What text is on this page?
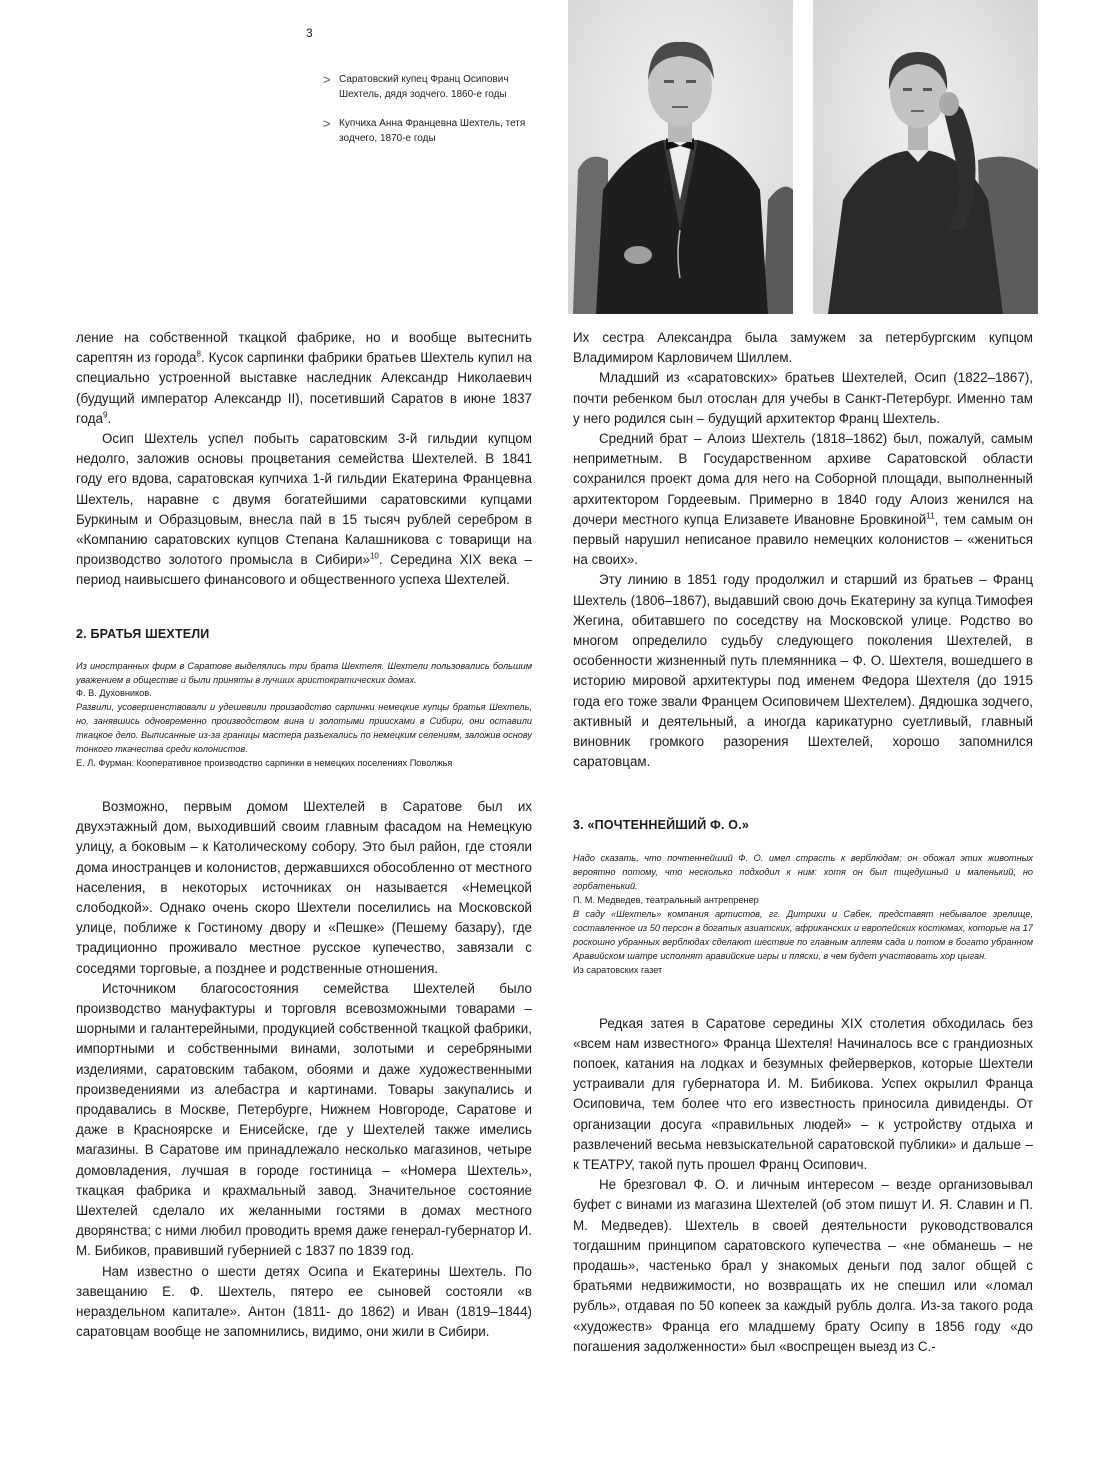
3
> Саратовский купец Франц Осипович Шехтель, дядя зодчего. 1860-е годы
> Купчиха Анна Францевна Шехтель, тетя зодчего, 1870-е годы

ление на собственной ткацкой фабрике, но и вообще вытеснить сарептян из города$^8$. Кусок сарпинки фабрики братьев Шехтель купил на специально устроенной выставке наследник Александр Николаевич (будущий император Александр II), посетивший Саратов в июне 1837 года$^9$.

Осип Шехтель успел побыть саратовским 3-й гильдии купцом недолго, заложив основы процветания семейства Шехтелей. В 1841 году его вдова, саратовская купчиха 1-й гильдии Екатерина Францевна Шехтель, наравне с двумя богатейшими саратовскими купцами Буркиным и Образцовым, внесла пай в 15 тысяч рублей серебром в «Компанию саратовских купцов Степана Калашникова с товарищи на производство золотого промысла в Сибири»$^{10}$. Середина XIX века – период наивысшего финансового и общественного успеха Шехтелей.

2. БРАТЬЯ ШЕХТЕЛИ

Из иностранных фирм в Саратове выделялись три брата Шехтеля. Шехтели пользовались большим уважением в обществе и были приняты в лучших аристократических домах.

Ф. В. Духовников.

Развили, усовершенствовали и удешевили производство сарпинки немецкие купцы братья Шехтель, но, занявшись одновременно производством вина и золотыми приисками в Сибири, они оставили ткацкое дело. Выписанные из-за границы мастера разъехались по немецким селениям, заложив основу тонкого ткачества среди колонистов.

Е. Л. Фурман. Кооперативное производство сарпинки в немецких поселениях Поволжья

Возможно, первым домом Шехтелей в Саратове был их двухэтажный дом, выходивший своим главным фасадом на Немецкую улицу, а боковым – к Католическому собору. Это был район, где стояли дома иностранцев и колонистов, державшихся обособленно от местного населения, в некоторых источниках он называется «Немецкой слободкой». Однако очень скоро Шехтели поселились на Московской улице, поближе к Гостиному двору и «Пешке» (Пешему базару), где традиционно проживало местное русское купечество, завязали с соседями торговые, а позднее и родственные отношения.

Источником благосостояния семейства Шехтелей было производство мануфактуры и торговля всевозможными товарами – шорными и галантерейными, продукцией собственной ткацкой фабрики, импортными и собственными винами, золотыми и серебряными изделиями, саратовским табаком, обоями и даже художественными произведениями из алебастра и картинами. Товары закупались и продавались в Москве, Петербурге, Нижнем Новгороде, Саратове и даже в Красноярске и Енисейске, где у Шехтелей также имелись магазины. В Саратове им принадлежало несколько магазинов, четыре домовладения, лучшая в городе гостиница – «Номера Шехтель», ткацкая фабрика и крахмальный завод. Значительное состояние Шехтелей сделало их желанными гостями в домах местного дворянства; с ними любил проводить время даже генерал-губернатор И. М. Бибиков, правивший губернией с 1837 по 1839 год.

Нам известно о шести детях Осипа и Екатерины Шехтель. По завещанию Е. Ф. Шехтель, пятеро ее сыновей состояли «в нераздельном капитале». Антон (1811- до 1862) и Иван (1819–1844) саратовцам вообще не запомнились, видимо, они жили в Сибири.

Их сестра Александра была замужем за петербургским купцом Владимиром Карловичем Шиллем.

Младший из «саратовских» братьев Шехтелей, Осип (1822–1867), почти ребенком был отослан для учебы в Санкт-Петербург. Именно там у него родился сын – будущий архитектор Франц Шехтель.

Средний брат – Алоиз Шехтель (1818–1862) был, пожалуй, самым неприметным. В Государственном архиве Саратовской области сохранился проект дома для него на Соборной площади, выполненный архитектором Гордеевым. Примерно в 1840 году Алоиз женился на дочери местного купца Елизавете Ивановне Бровкиной$^{11}$, тем самым он первый нарушил неписаное правило немецких колонистов – «жениться на своих».

Эту линию в 1851 году продолжил и старший из братьев – Франц Шехтель (1806–1867), выдавший свою дочь Екатерину за купца Тимофея Жегина, обитавшего по соседству на Московской улице. Родство во многом определило судьбу следующего поколения Шехтелей, в особенности жизненный путь племянника – Ф. О. Шехтеля, вошедшего в историю мировой архитектуры под именем Федора Шехтеля (до 1915 года его тоже звали Францем Осиповичем Шехтелем). Дядюшка зодчего, активный и деятельный, а иногда карикатурно суетливый, главный виновник громкого разорения Шехтелей, хорошо запомнился саратовцам.

3. «ПОЧТЕННЕЙШИЙ Ф. О.»

Надо сказать, что почтеннейший Ф. О. имел страсть к верблюдам; он обожал этих животных вероятно потому, что несколько подходил к ним: хотя он был тщедушный и маленький, но горбатенький.

П. М. Медведев, театральный антрепренер

В саду «Шехтель» компания артистов, гг. Дитрихи и Сабек, представят небывалое зрелище, составленное из 50 персон в богатых азиатских, африканских и европейских костюмах, которые на 17 роскошно убранных верблюдах сделают шествие по главным аллеям сада и потом в богато убранном Аравийском шатре исполнят аравийские игры и пляски, в чем будет участвовать хор цыган.

Из саратовских газет

Редкая затея в Саратове середины XIX столетия обходилась без «всем нам известного» Франца Шехтеля! Начиналось все с грандиозных попоек, катания на лодках и безумных фейерверков, которые Шехтели устраивали для губернатора И. М. Бибикова. Успех окрылил Франца Осиповича, тем более что его известность приносила дивиденды. От организации досуга «правильных людей» – к устройству отдыха и развлечений весьма невзыскательной саратовской публики» и дальше – к ТЕАТРУ, такой путь прошел Франц Осипович.

Не брезговал Ф. О. и личным интересом – везде организовывал буфет с винами из магазина Шехтелей (об этом пишут И. Я. Славин и П. М. Медведев). Шехтель в своей деятельности руководствовался тогдашним принципом саратовского купечества – «не обманешь – не продашь», частенько брал у знакомых деньги под залог общей с братьями недвижимости, но возвращать их не спешил или «ломал рубль», отдавая по 50 копеек за каждый рубль долга. Из-за такого рода «художеств» Франца его младшему брату Осипу в 1856 году «до погашения задолженности» был «воспрещен выезд из С.-
